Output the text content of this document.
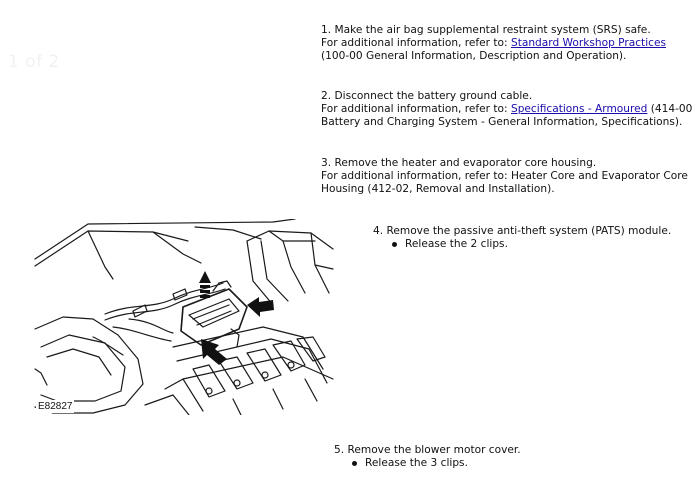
1 of 2

1. Make the air bag supplemental restraint system (SRS) safe.

For additional information, refer to: Standard Workshop Practices

(100-00 General Information, Description and Operation).

2. Disconnect the battery ground cable.

For additional information, refer to: Specifications - Armoured (414-00

Battery and Charging System - General Information, Specifications).

3. Remove the heater and evaporator core housing.

For additional information, refer to: Heater Core and Evaporator Core

Housing (412-02, Removal and Installation).

E82827

4. Remove the passive anti-theft system (PATS) module.

Release the 2 clips.

5. Remove the blower motor cover.

Release the 3 clips.
